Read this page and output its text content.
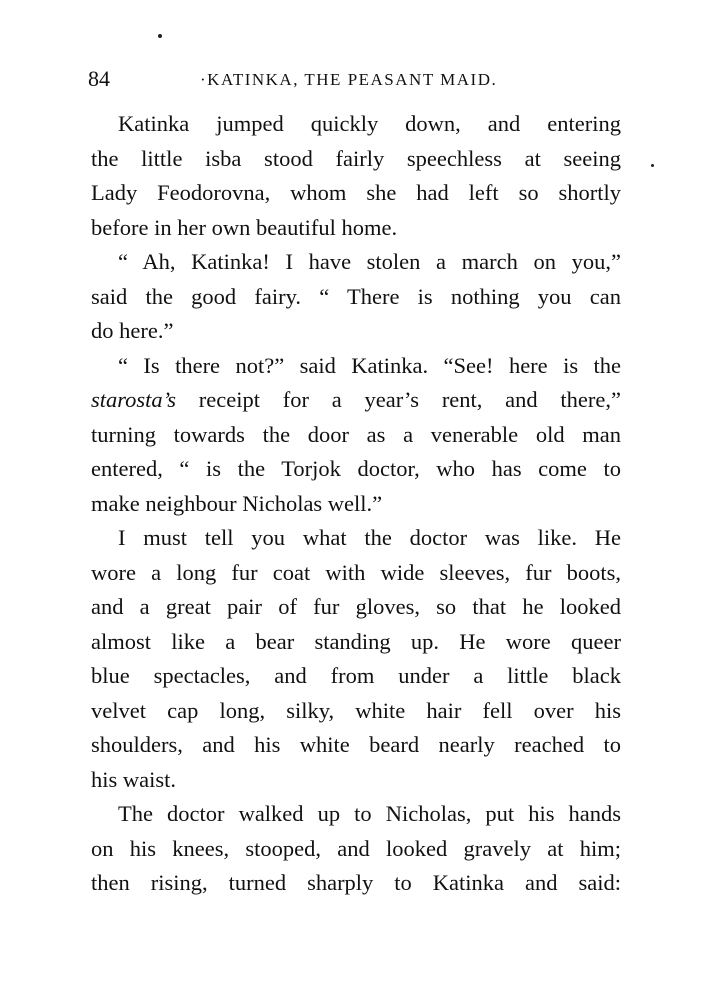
84	·KATINKA, THE PEASANT MAID.
Katinka jumped quickly down, and entering
the little isba stood fairly speechless at seeing
Lady Feodorovna, whom she had left so shortly
before in her own beautiful home.
“ Ah, Katinka! I have stolen a march on you,”
said the good fairy. “ There is nothing you can
do here.”
“ Is there not?” said Katinka. “See! here is the
starosta’s receipt for a year’s rent, and there,”
turning towards the door as a venerable old man
entered, “ is the Torjok doctor, who has come to
make neighbour Nicholas well.”
I must tell you what the doctor was like. He
wore a long fur coat with wide sleeves, fur boots,
and a great pair of fur gloves, so that he looked
almost like a bear standing up. He wore queer
blue spectacles, and from under a little black
velvet cap long, silky, white hair fell over his
shoulders, and his white beard nearly reached to
his waist.
The doctor walked up to Nicholas, put his hands
on his knees, stooped, and looked gravely at him;
then rising, turned sharply to Katinka and said:
